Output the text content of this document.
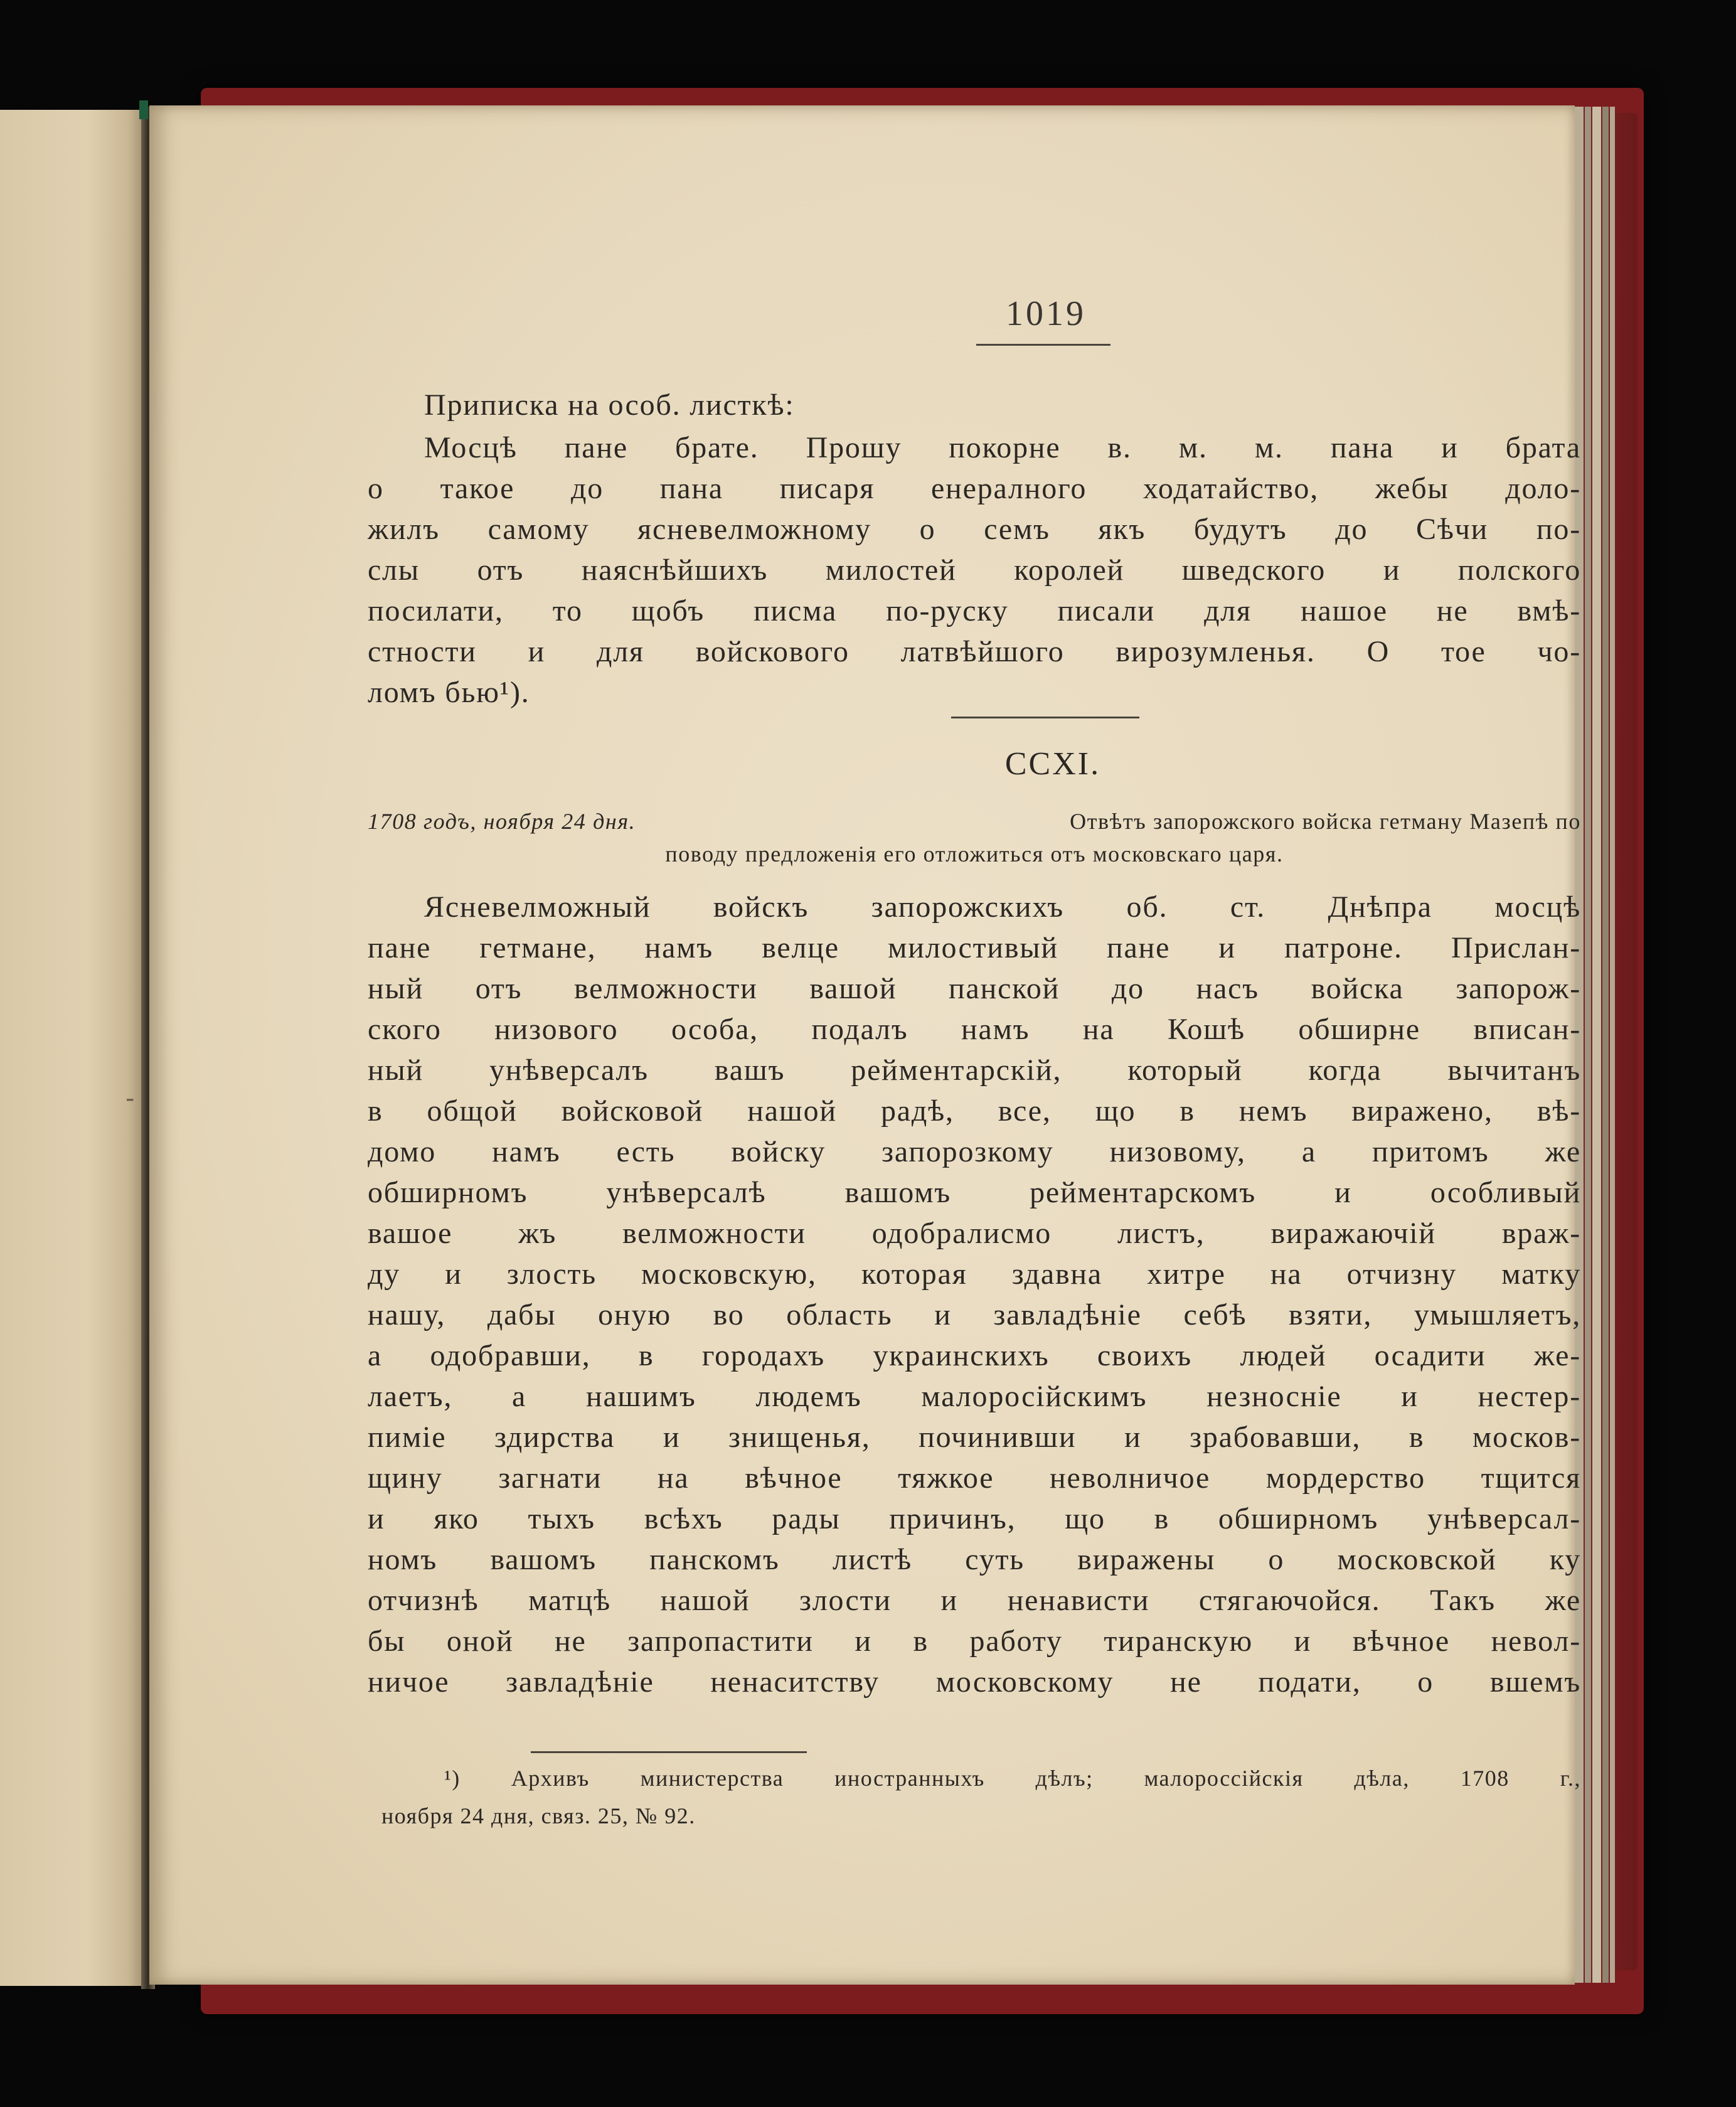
-
1019
Приписка на особ. листкѣ:
Мосцѣ пане брате. Прошу покорне в. м. м. пана и брата
о такое до пана писаря енералного ходатайство, жебы доло-
жилъ самому ясневелможному о семъ якъ будутъ до Сѣчи по-
слы отъ наяснѣйшихъ милостей королей шведского и полского
посилати, то щобъ писма по-руску писали для нашое не вмѣ-
стности и для войскового латвѣйшого вирозумленья. О тое чо-
ломъ бью¹).
CCXI.
1708 годъ, ноября 24 дня.	Отвѣтъ запорожского войска гетману Мазепѣ по
поводу предложенія его отложиться отъ московскаго царя.
Ясневелможный войскъ запорожскихъ об. ст. Днѣпра мосцѣ
пане гетмане, намъ велце милостивый пане и патроне. Прислан-
ный отъ велможности вашой панской до насъ войска запорож-
ского низового особа, подалъ намъ на Кошѣ обширне вписан-
ный унѣверсалъ вашъ рейментарскій, который когда вычитанъ
в общой войсковой нашой радѣ, все, що в немъ виражено, вѣ-
домо намъ есть войску запорозкому низовому, а притомъ же
обширномъ унѣверсалѣ вашомъ рейментарскомъ и особливый
вашое жъ велможности одобралисмо листъ, виражаючій враж-
ду и злость московскую, которая здавна хитре на отчизну матку
нашу, дабы оную во область и завладѣніе себѣ взяти, умышляетъ,
а одобравши, в городахъ украинскихъ своихъ людей осадити же-
лаетъ, а нашимъ людемъ малоросійскимъ незносніе и нестер-
пиміе здирства и знищенья, починивши и зрабовавши, в москов-
щину загнати на вѣчное тяжкое неволничое мордерство тщится
и яко тыхъ всѣхъ рады причинъ, що в обширномъ унѣверсал-
номъ вашомъ панскомъ листѣ суть виражены о московской ку
отчизнѣ матцѣ нашой злости и ненависти стягаючойся. Такъ же
бы оной не запропастити и в работу тиранскую и вѣчное невол-
ничое завладѣніе ненаситству московскому не подати, о вшемъ
¹) Архивъ министерства иностранныхъ дѣлъ; малороссійскія дѣла, 1708 г.,
ноября 24 дня, связ. 25, № 92.
